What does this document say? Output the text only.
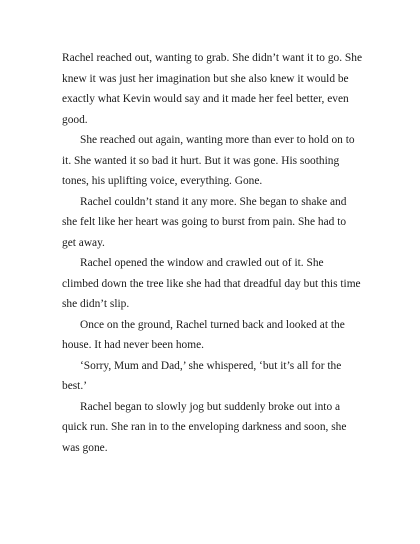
Rachel reached out, wanting to grab. She didn’t want it to go. She knew it was just her imagination but she also knew it would be exactly what Kevin would say and it made her feel better, even good.

She reached out again, wanting more than ever to hold on to it. She wanted it so bad it hurt. But it was gone. His soothing tones, his uplifting voice, everything. Gone.

Rachel couldn’t stand it any more. She began to shake and she felt like her heart was going to burst from pain. She had to get away.

Rachel opened the window and crawled out of it. She climbed down the tree like she had that dreadful day but this time she didn’t slip.

Once on the ground, Rachel turned back and looked at the house. It had never been home.

‘Sorry, Mum and Dad,’ she whispered, ‘but it’s all for the best.’

Rachel began to slowly jog but suddenly broke out into a quick run. She ran in to the enveloping darkness and soon, she was gone.
